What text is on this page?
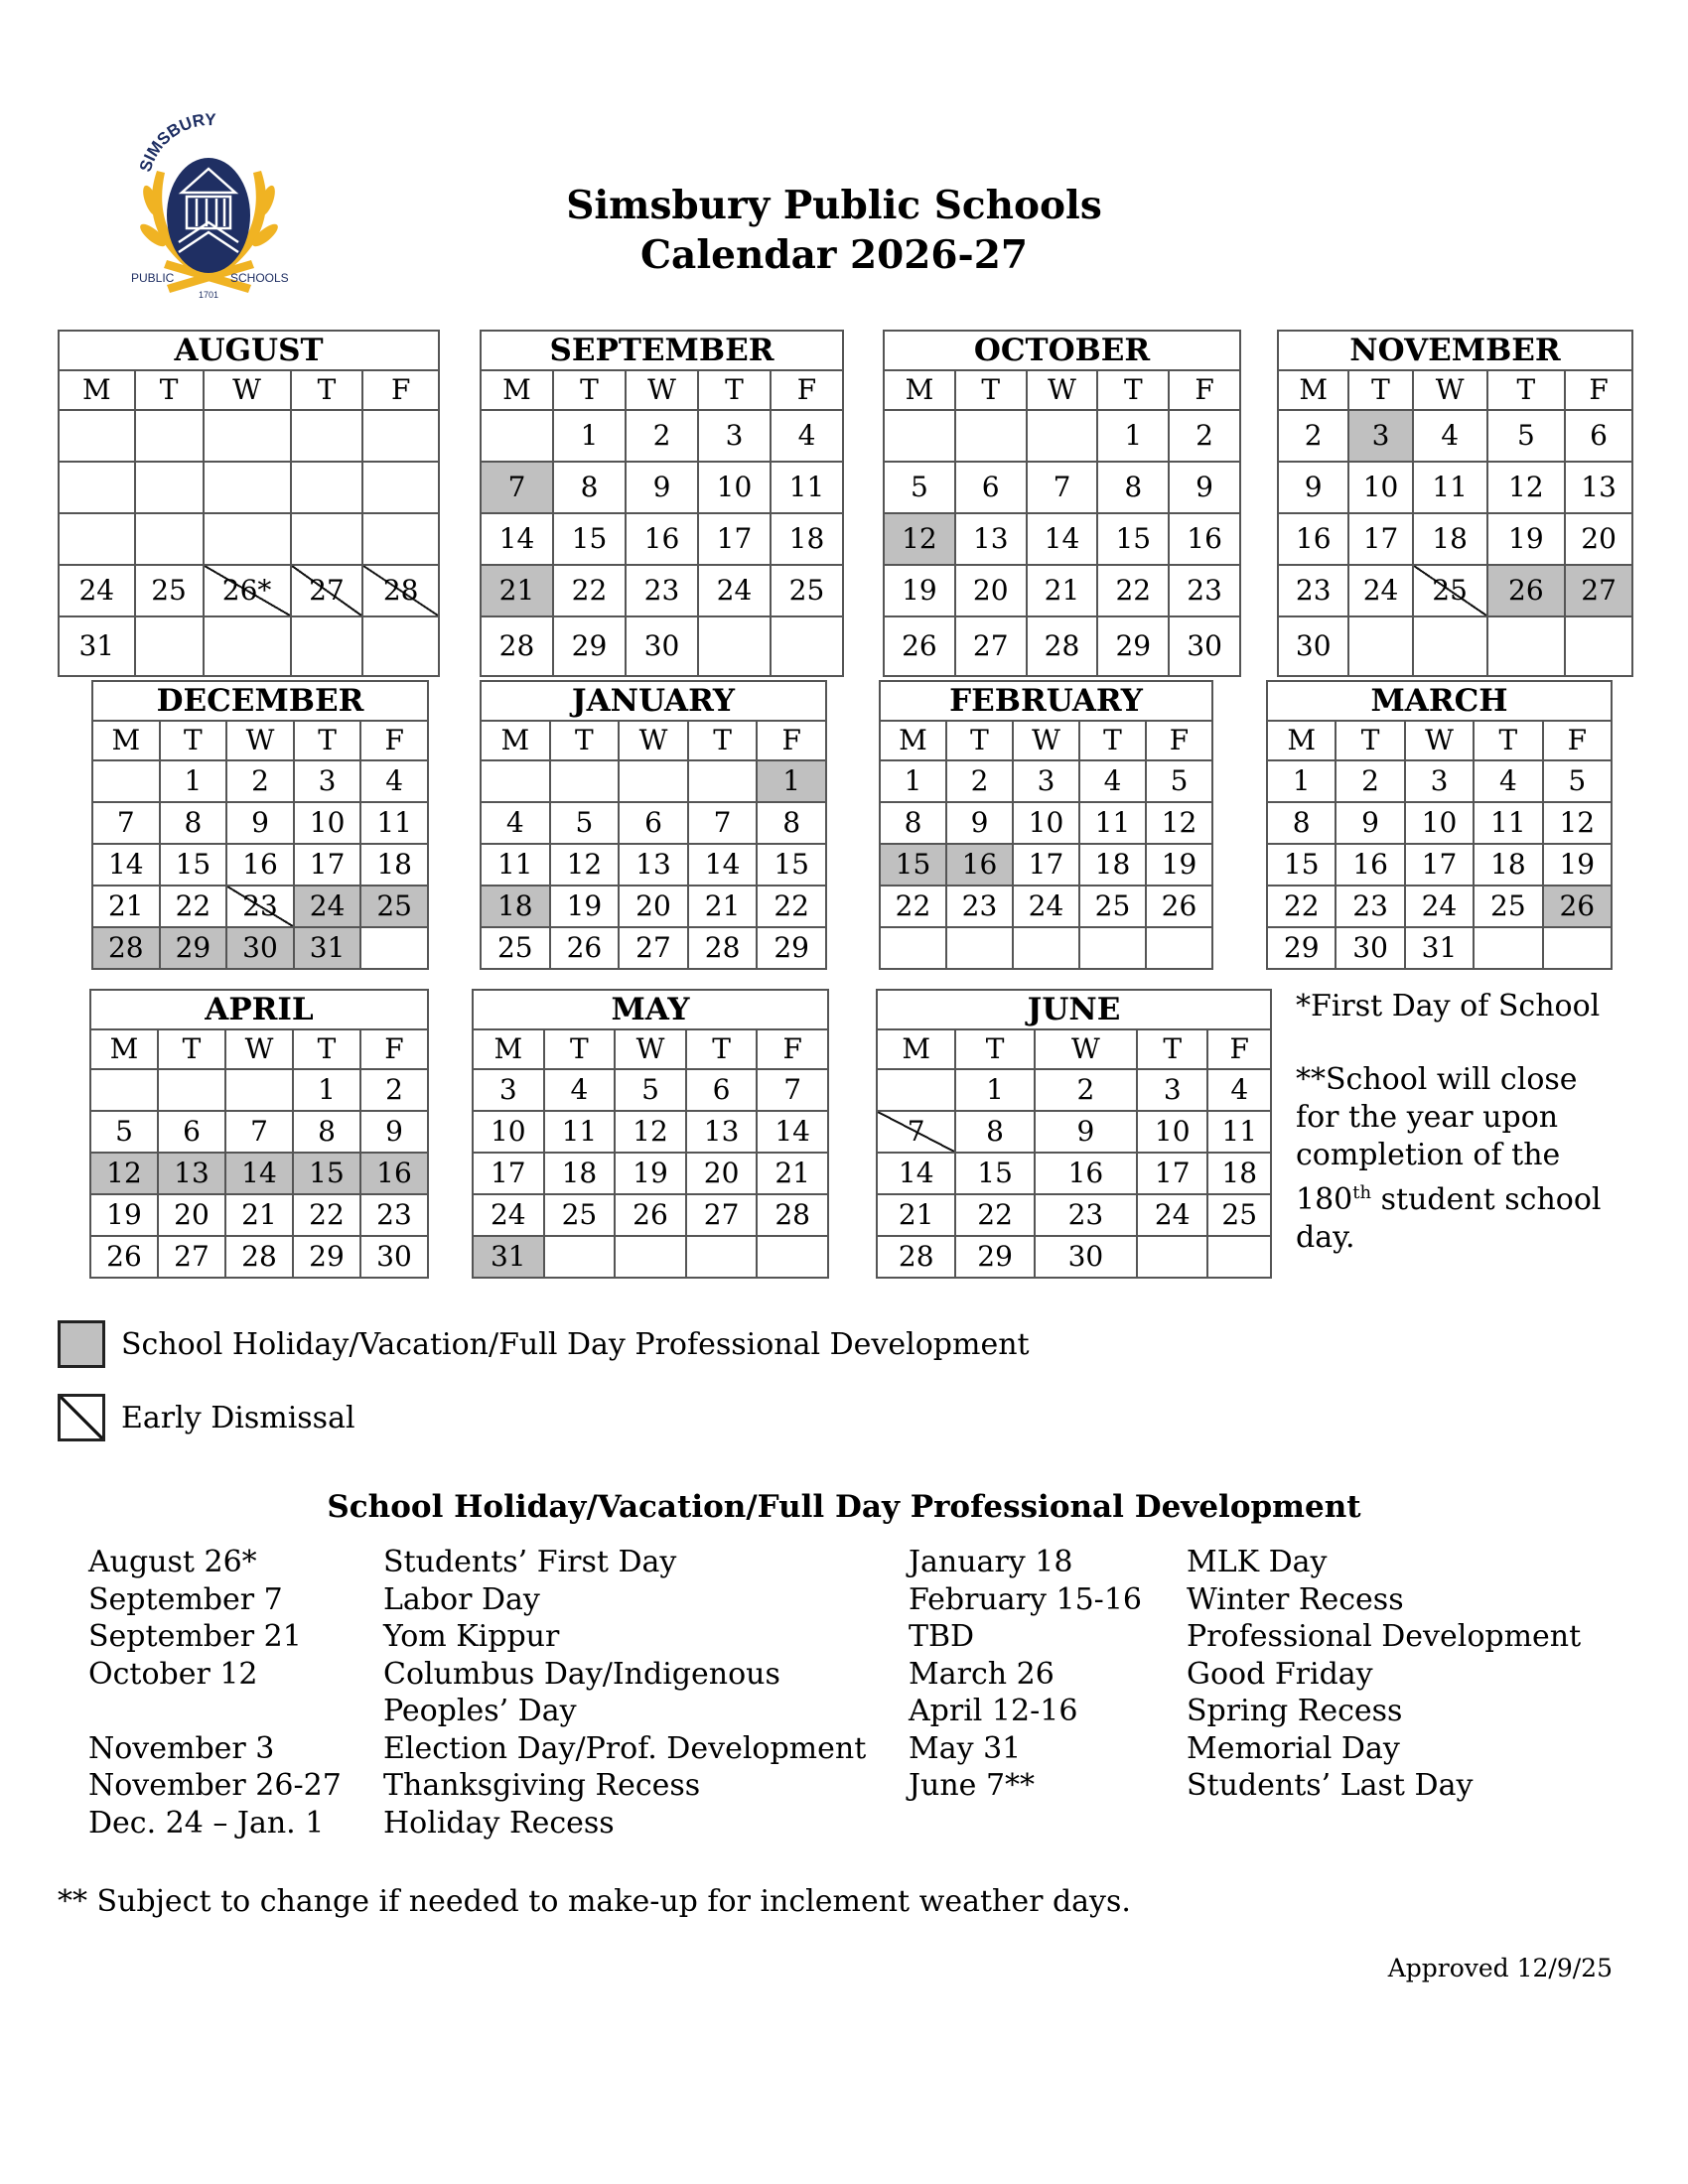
SIMSBURY
PUBLIC	SCHOOLS
1701
Simsbury Public Schools
Calendar 2026-27
AUGUST				
M	T	W	T	F

24	25	26*	27	28
31				
SEPTEMBER				
M	T	W	T	F
	1	2	3	4
7	8	9	10	11
14	15	16	17	18
21	22	23	24	25
28	29	30		
OCTOBER				
M	T	W	T	F
			1	2
5	6	7	8	9
12	13	14	15	16
19	20	21	22	23
26	27	28	29	30
NOVEMBER				
M	T	W	T	F
2	3	4	5	6
9	10	11	12	13
16	17	18	19	20
23	24	25	26	27
30				
DECEMBER				
M	T	W	T	F
	1	2	3	4
7	8	9	10	11
14	15	16	17	18
21	22	23	24	25
28	29	30	31	
JANUARY				
M	T	W	T	F
				1
4	5	6	7	8
11	12	13	14	15
18	19	20	21	22
25	26	27	28	29
FEBRUARY				
M	T	W	T	F
1	2	3	4	5
8	9	10	11	12
15	16	17	18	19
22	23	24	25	26

MARCH				
M	T	W	T	F
1	2	3	4	5
8	9	10	11	12
15	16	17	18	19
22	23	24	25	26
29	30	31		
APRIL				
M	T	W	T	F
			1	2
5	6	7	8	9
12	13	14	15	16
19	20	21	22	23
26	27	28	29	30
MAY				
M	T	W	T	F
3	4	5	6	7
10	11	12	13	14
17	18	19	20	21
24	25	26	27	28
31				
JUNE				
M	T	W	T	F
	1	2	3	4
7	8	9	10	11
14	15	16	17	18
21	22	23	24	25
28	29	30		

*First Day of School

**School will close for the year upon completion of the 180th student school day.

School Holiday/Vacation/Full Day Professional Development
Early Dismissal
School Holiday/Vacation/Full Day Professional Development
August 26*	Students’ First Day
September 7	Labor Day
September 21	Yom Kippur
October 12	Columbus Day/Indigenous Peoples’ Day
November 3	Election Day/Prof. Development
November 26-27	Thanksgiving Recess
Dec. 24 – Jan. 1	Holiday Recess
January 18	MLK Day
February 15-16	Winter Recess
TBD	Professional Development
March 26	Good Friday
April 12-16	Spring Recess
May 31	Memorial Day
June 7**	Students’ Last Day
** Subject to change if needed to make-up for inclement weather days.
Approved 12/9/25
